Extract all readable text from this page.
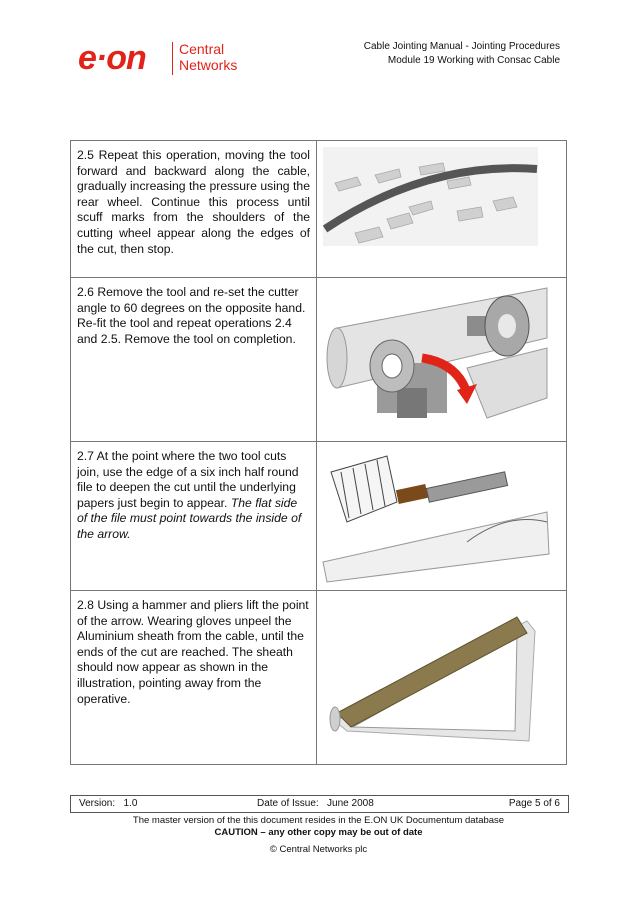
e·on Central
Networks
Cable Jointing Manual - Jointing Procedures
Module 19 Working with Consac Cable
2.5 Repeat this operation, moving the tool forward and backward along the cable, gradually increasing the pressure using the rear wheel. Continue this process until scuff marks from the shoulders of the cutting wheel appear along the edges of the cut, then stop.	
2.6 Remove the tool and re-set the cutter angle to 60 degrees on the opposite hand. Re-fit the tool and repeat operations 2.4 and 2.5. Remove the tool on completion.	
2.7 At the point where the two tool cuts join, use the edge of a six inch half round file to deepen the cut until the underlying papers just begin to appear. The flat side of the file must point towards the inside of the arrow.	
2.8 Using a hammer and pliers lift the point of the arrow. Wearing gloves unpeel the Aluminium sheath from the cable, until the ends of the cut are reached. The sheath should now appear as shown in the illustration, pointing away from the operative.	
Version: 1.0	Date of Issue: June 2008	Page 5 of 6
The master version of the this document resides in the E.ON UK Documentum database
CAUTION – any other copy may be out of date
© Central Networks plc
